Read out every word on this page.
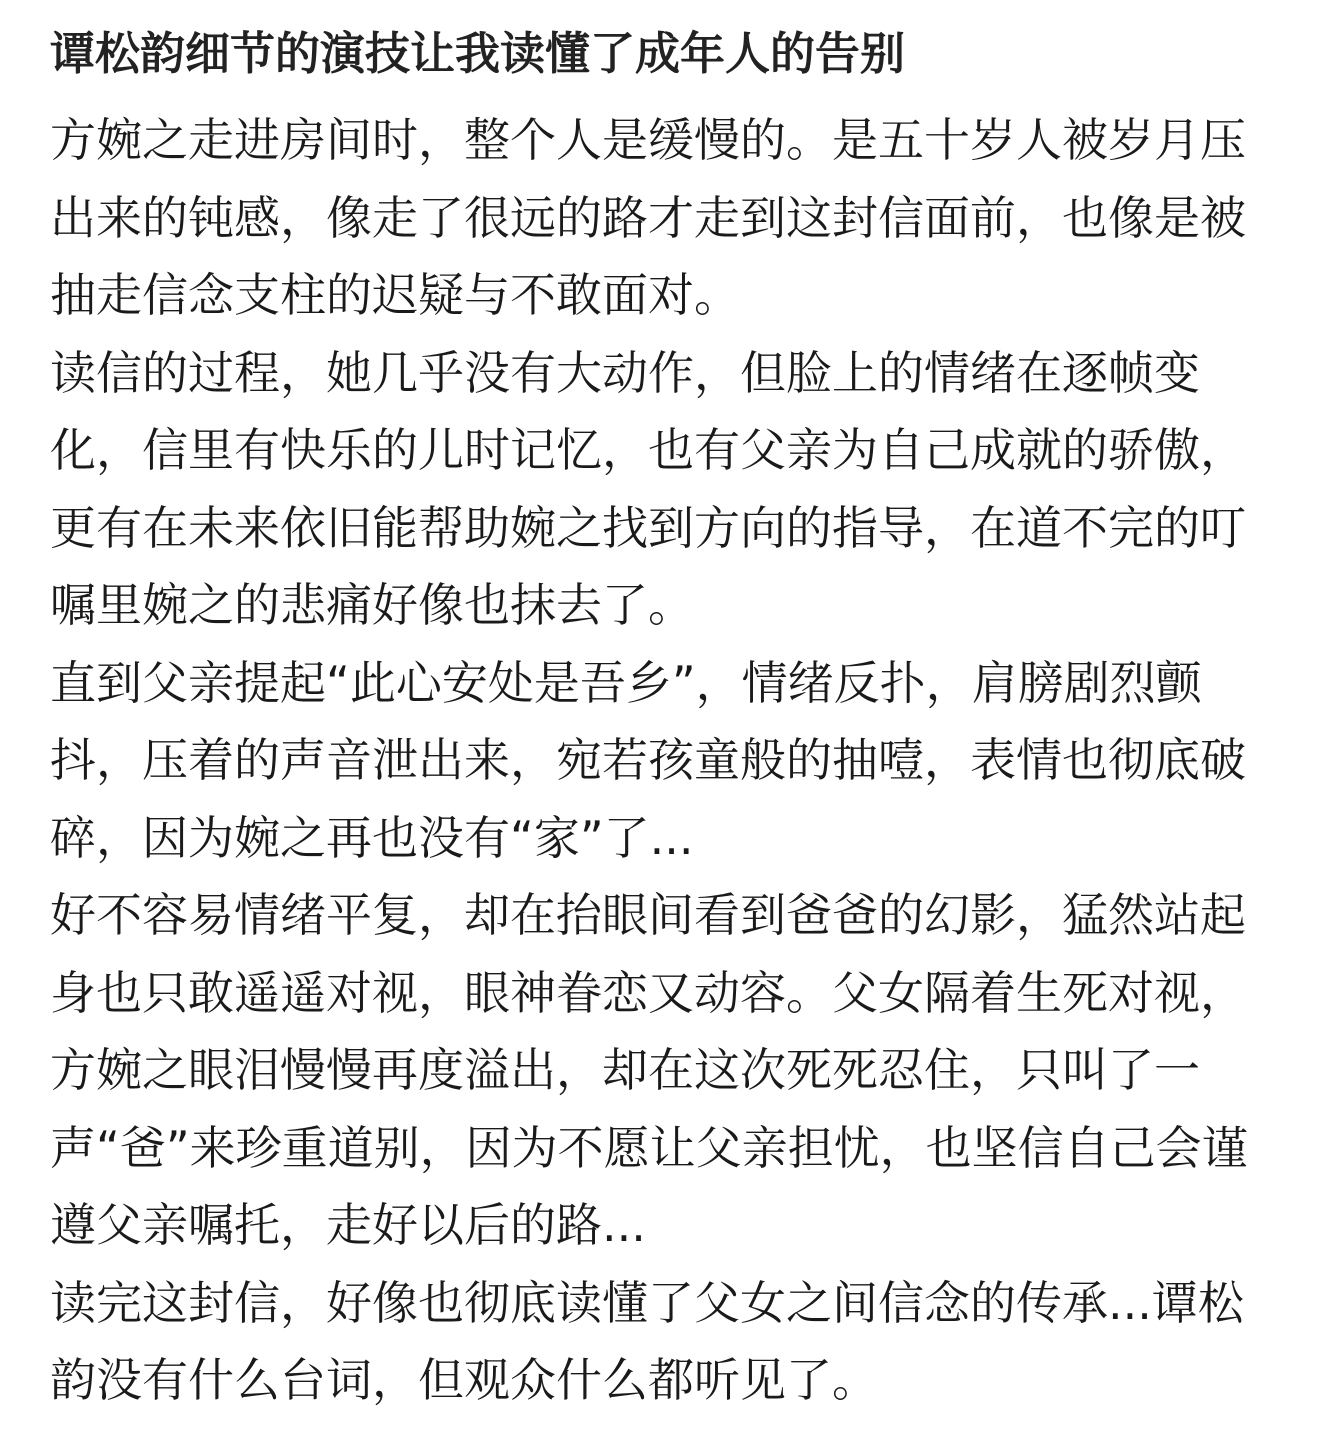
谭松韵细节的演技让我读懂了成年人的告别

方婉之走进房间时，整个人是缓慢的。是五十岁人被岁月压出来的钝感，像走了很远的路才走到这封信面前，也像是被抽走信念支柱的迟疑与不敢面对。

读信的过程，她几乎没有大动作，但脸上的情绪在逐帧变化，信里有快乐的儿时记忆，也有父亲为自己成就的骄傲，更有在未来依旧能帮助婉之找到方向的指导，在道不完的叮嘱里婉之的悲痛好像也抹去了。

直到父亲提起“此心安处是吾乡”，情绪反扑，肩膀剧烈颤抖，压着的声音泄出来，宛若孩童般的抽噎，表情也彻底破碎，因为婉之再也没有“家”了...

好不容易情绪平复，却在抬眼间看到爸爸的幻影，猛然站起身也只敢遥遥对视，眼神眷恋又动容。父女隔着生死对视，方婉之眼泪慢慢再度溢出，却在这次死死忍住，只叫了一声“爸”来珍重道别，因为不愿让父亲担忧，也坚信自己会谨遵父亲嘱托，走好以后的路...

读完这封信，好像也彻底读懂了父女之间信念的传承...谭松韵没有什么台词，但观众什么都听见了。
